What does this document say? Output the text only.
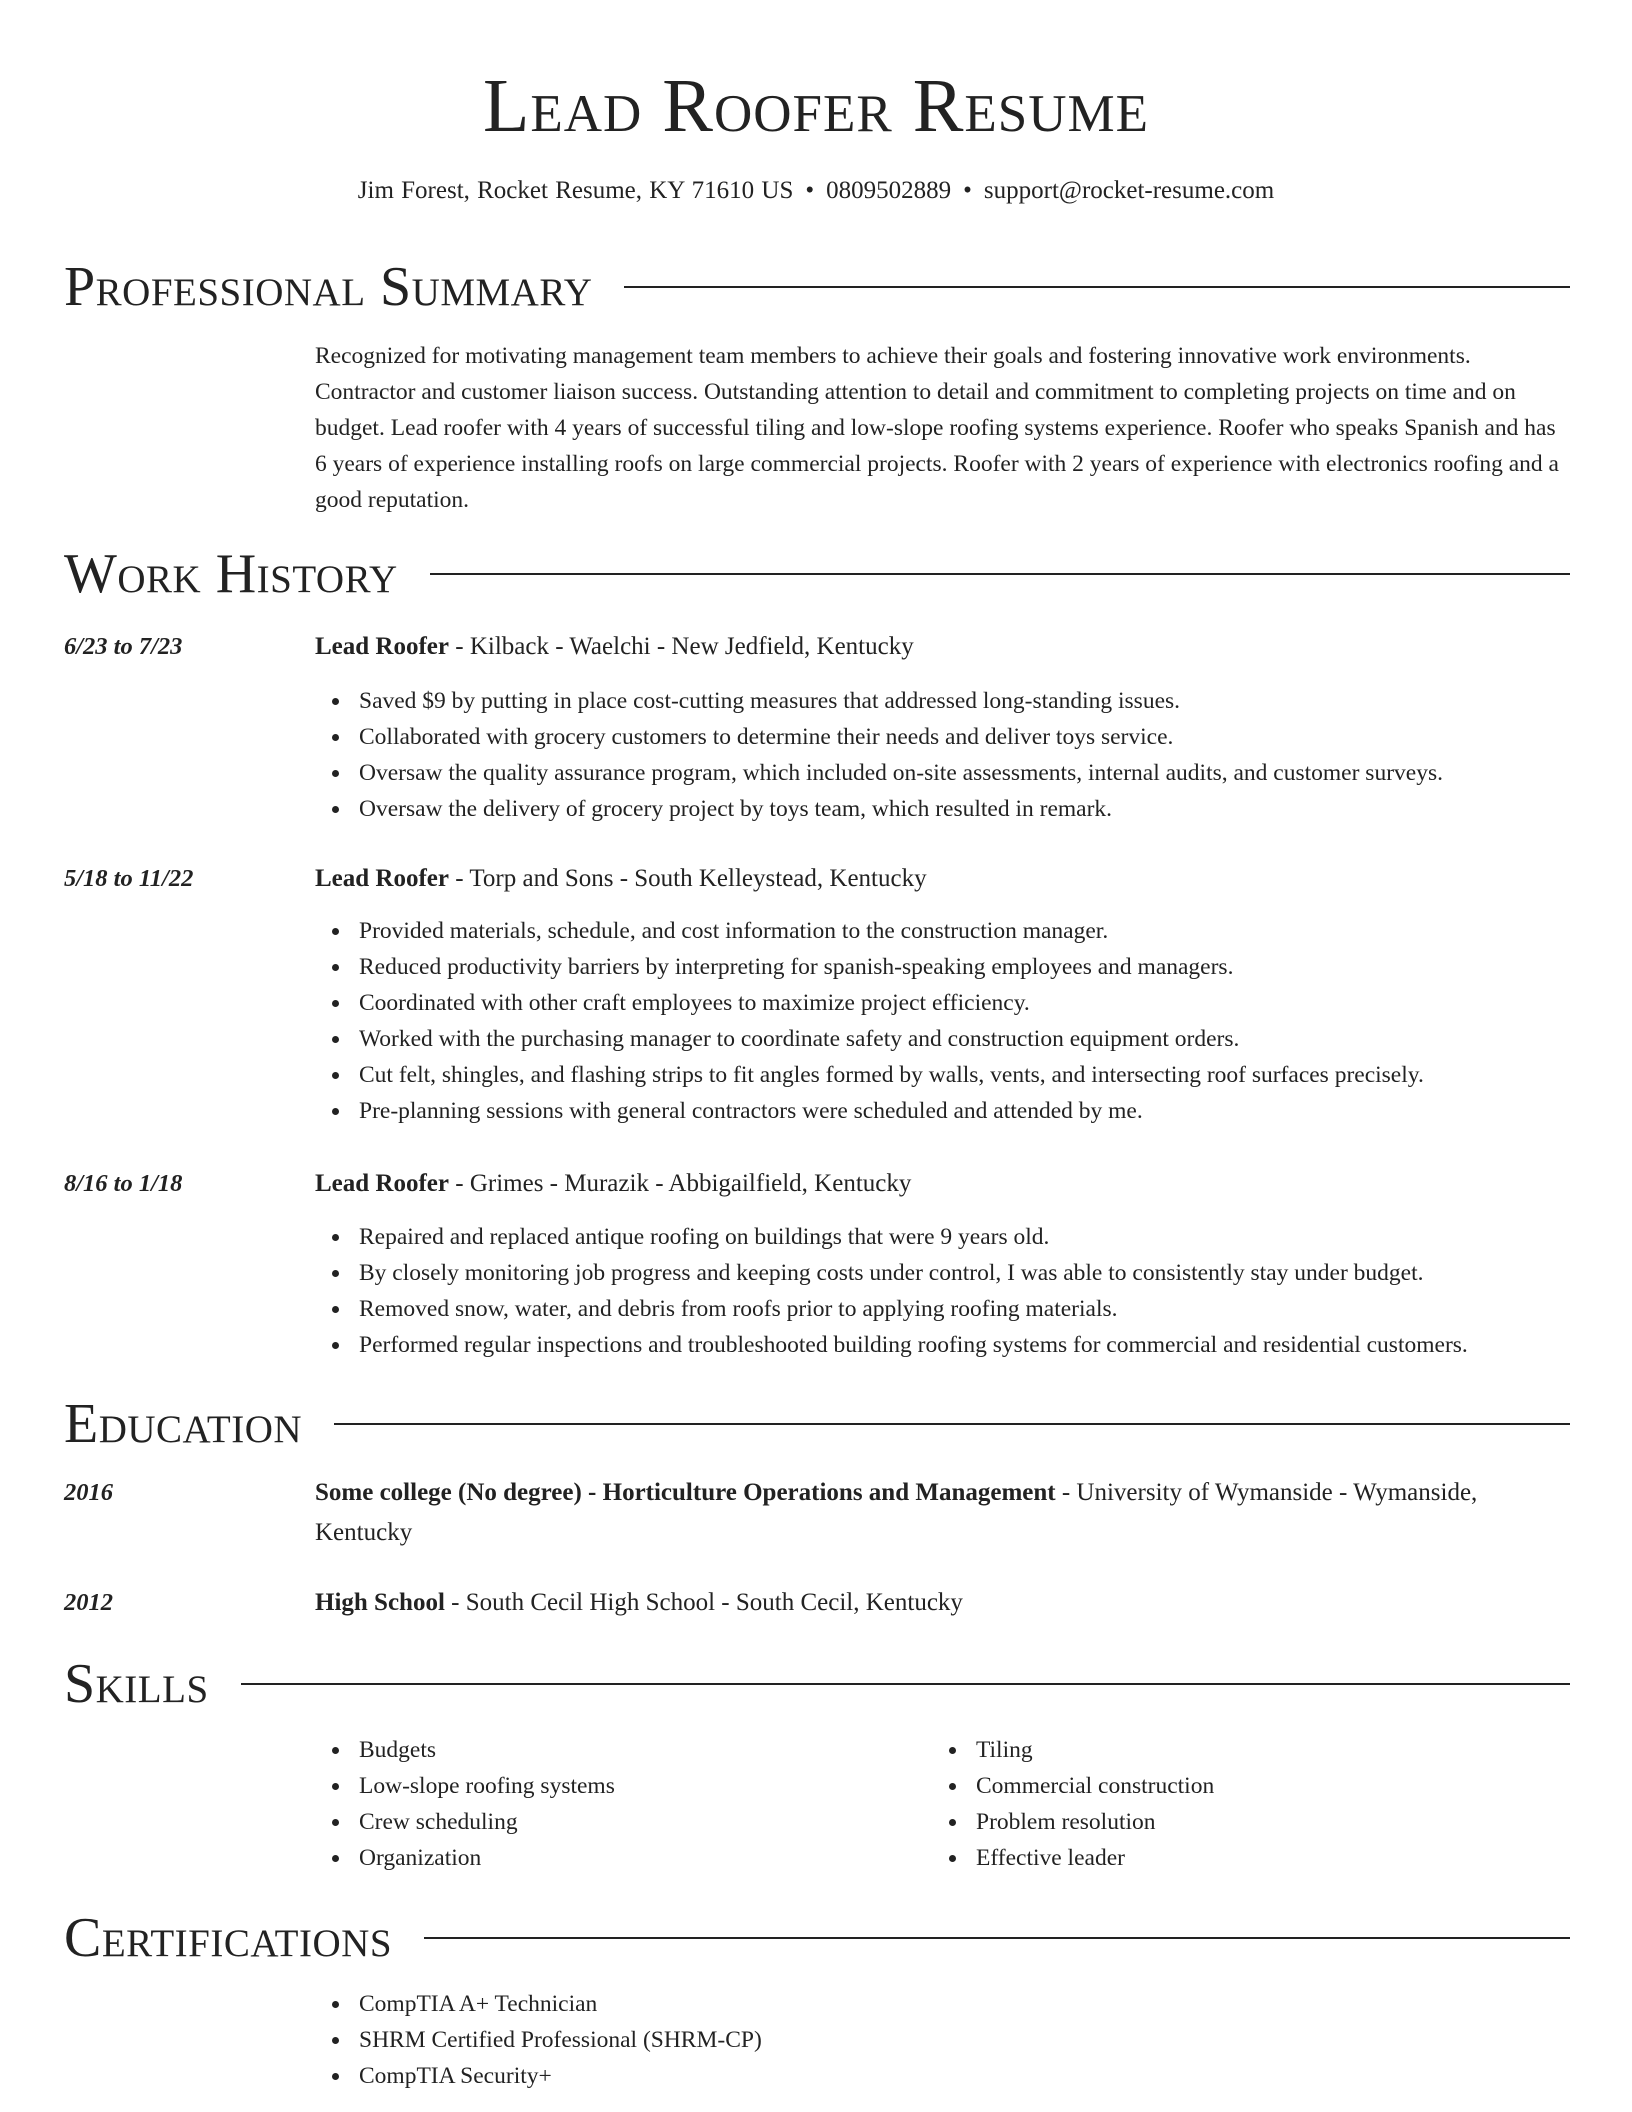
Lead Roofer Resume
Jim Forest, Rocket Resume, KY 71610 US • 0809502889 • support@rocket-resume.com
Professional Summary

Recognized for motivating management team members to achieve their goals and fostering innovative work environments. Contractor and customer liaison success. Outstanding attention to detail and commitment to completing projects on time and on budget. Lead roofer with 4 years of successful tiling and low-slope roofing systems experience. Roofer who speaks Spanish and has 6 years of experience installing roofs on large commercial projects. Roofer with 2 years of experience with electronics roofing and a good reputation.

Work History
6/23 to 7/23	Lead Roofer - Kilback - Waelchi - New Jedfield, Kentucky
Saved $9 by putting in place cost-cutting measures that addressed long-standing issues.
Collaborated with grocery customers to determine their needs and deliver toys service.
Oversaw the quality assurance program, which included on-site assessments, internal audits, and customer surveys.
Oversaw the delivery of grocery project by toys team, which resulted in remark.
5/18 to 11/22	Lead Roofer - Torp and Sons - South Kelleystead, Kentucky
Provided materials, schedule, and cost information to the construction manager.
Reduced productivity barriers by interpreting for spanish-speaking employees and managers.
Coordinated with other craft employees to maximize project efficiency.
Worked with the purchasing manager to coordinate safety and construction equipment orders.
Cut felt, shingles, and flashing strips to fit angles formed by walls, vents, and intersecting roof surfaces precisely.
Pre-planning sessions with general contractors were scheduled and attended by me.
8/16 to 1/18	Lead Roofer - Grimes - Murazik - Abbigailfield, Kentucky
Repaired and replaced antique roofing on buildings that were 9 years old.
By closely monitoring job progress and keeping costs under control, I was able to consistently stay under budget.
Removed snow, water, and debris from roofs prior to applying roofing materials.
Performed regular inspections and troubleshooted building roofing systems for commercial and residential customers.
Education
2016	Some college (No degree) - Horticulture Operations and Management - University of Wymanside - Wymanside, Kentucky
2012	High School - South Cecil High School - South Cecil, Kentucky
Skills
Budgets
Low-slope roofing systems
Crew scheduling
Organization
Tiling
Commercial construction
Problem resolution
Effective leader
Certifications
CompTIA A+ Technician
SHRM Certified Professional (SHRM-CP)
CompTIA Security+
